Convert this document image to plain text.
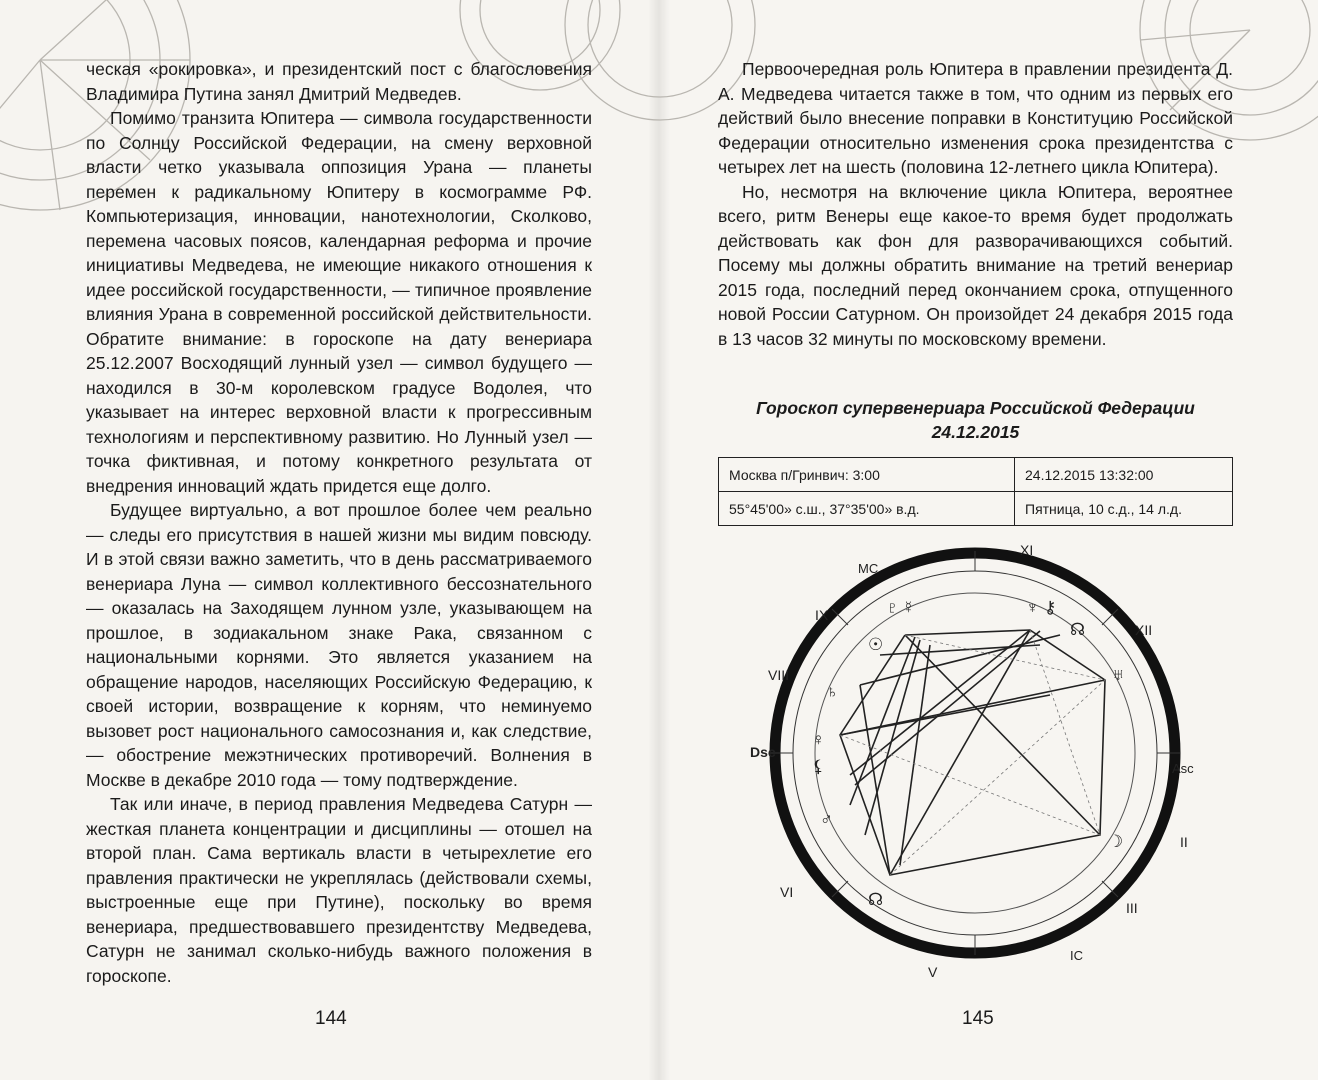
ческая «рокировка», и президентский пост с благословения Владимира Путина занял Дмитрий Медведев.

Помимо транзита Юпитера — символа государственности по Солнцу Российской Федерации, на смену верховной власти четко указывала оппозиция Урана — планеты перемен к радикальному Юпитеру в космограмме РФ. Компьютеризация, инновации, нанотехнологии, Сколково, перемена часовых поясов, календарная реформа и прочие инициативы Медведева, не имеющие никакого отношения к идее российской государственности, — типичное проявление влияния Урана в современной российской действительности. Обратите внимание: в гороскопе на дату венериара 25.12.2007 Восходящий лунный узел — символ будущего — находился в 30-м королевском градусе Водолея, что указывает на интерес верховной власти к прогрессивным технологиям и перспективному развитию. Но Лунный узел — точка фиктивная, и потому конкретного результата от внедрения инноваций ждать придется еще долго.

Будущее виртуально, а вот прошлое более чем реально — следы его присутствия в нашей жизни мы видим повсюду. И в этой связи важно заметить, что в день рассматриваемого венериара Луна — символ коллективного бессознательного — оказалась на Заходящем лунном узле, указывающем на прошлое, в зодиакальном знаке Рака, связанном с национальными корнями. Это является указанием на обращение народов, населяющих Российскую Федерацию, к своей истории, возвращение к корням, что неминуемо вызовет рост национального самосознания и, как следствие, — обострение межэтнических противоречий. Волнения в Москве в декабре 2010 года — тому подтверждение.

Так или иначе, в период правления Медведева Сатурн — жесткая планета концентрации и дисциплины — отошел на второй план. Сама вертикаль власти в четырехлетие его правления практически не укреплялась (действовали схемы, выстроенные еще при Путине), поскольку во время венериара, предшествовавшего президентству Медведева, Сатурн не занимал сколько-нибудь важного положения в гороскопе.

144

Первоочередная роль Юпитера в правлении президента Д. А. Медведева читается также в том, что одним из первых его действий было внесение поправки в Конституцию Российской Федерации относительно изменения срока президентства с четырех лет на шесть (половина 12-летнего цикла Юпитера).

Но, несмотря на включение цикла Юпитера, вероятнее всего, ритм Венеры еще какое-то время будет продолжать действовать как фон для разворачивающихся событий. Посему мы должны обратить внимание на третий венериар 2015 года, последний перед окончанием срока, отпущенного новой России Сатурном. Он произойдет 24 декабря 2015 года в 13 часов 32 минуты по московскому времени.

Гороскоп супервенериара Российской Федерации
24.12.2015
Москва п/Гринвич: 3:00	24.12.2015 13:32:00
55°45'00» с.ш., 37°35'00» в.д.	Пятница, 10 с.д., 14 л.д.
MC
Asc
Dsc
IC
XI
XII
II
III
V
VI
VIII
IX	♇ ☿
☉
♄
♀
⚸
♂
☊
♆ ⚷
☊
♅
☽
145
